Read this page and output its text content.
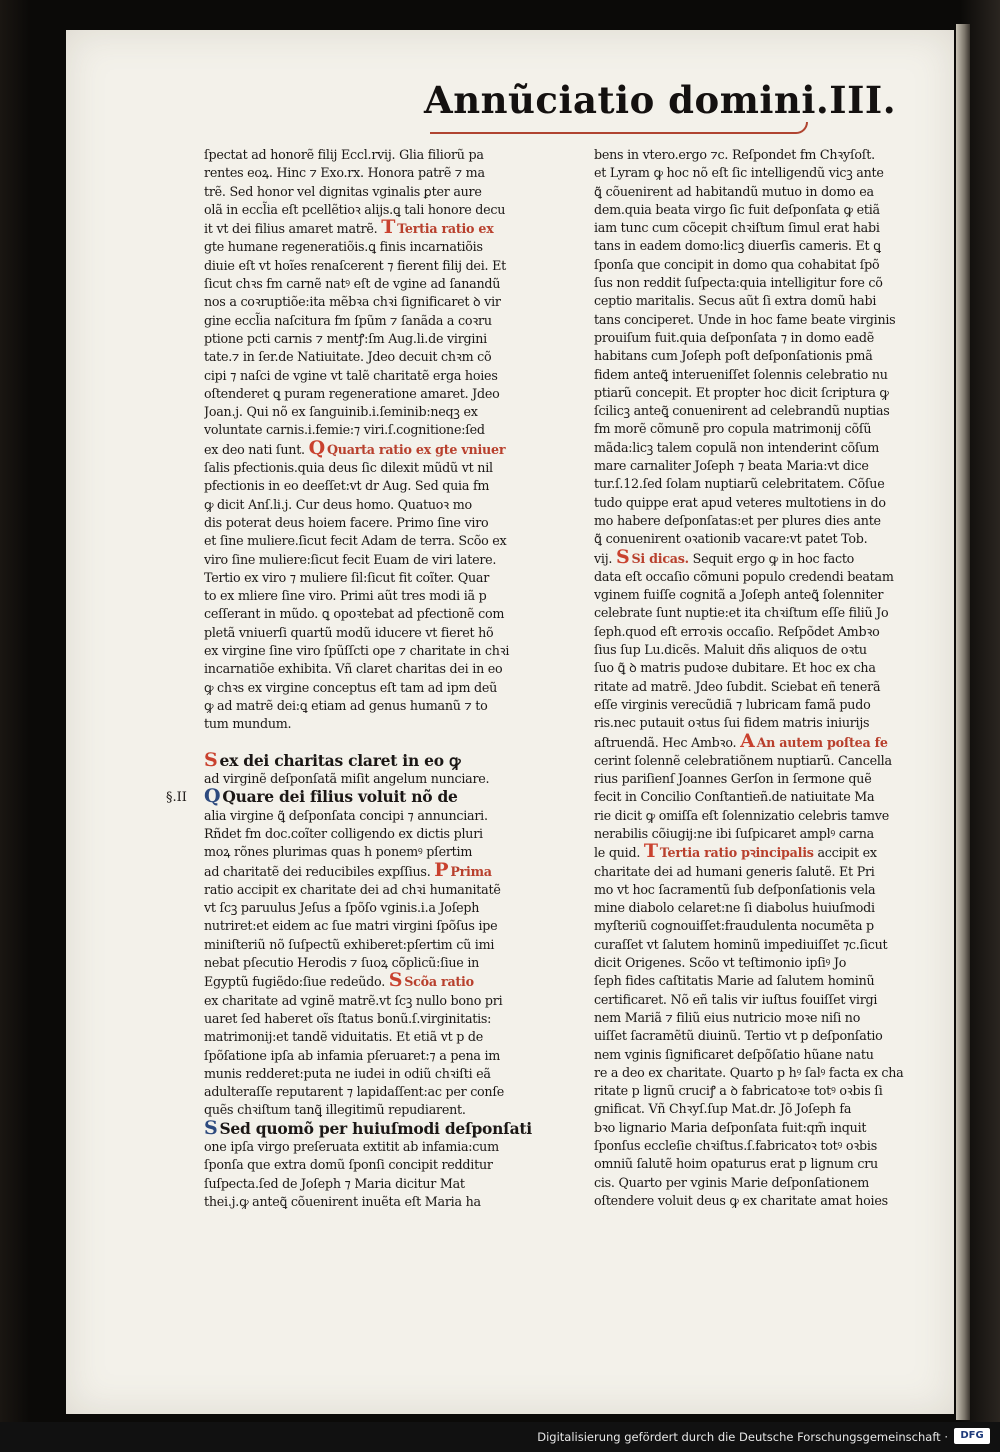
Annũciatio domini.III.
§.II

ſpectat ad honorẽ filij Eccl.rvij. Glia filiorũ pa

rentes eoꝝ. Hinc ⁊ Exo.rx. Honora patrẽ ⁊ ma

trẽ. Sed honor vel dignitas vginalis ꝑter aure

olã in eccl̃ia eſt pcellẽtioꝛ alijs.ꝗ tali honore decu

it vt dei filius amaret matrẽ. T Tertia ratio ex

gte humane regeneratiõis.ꝗ finis incarnatiõis

diuie eſt vt hoĩes renaſcerent ⁊ fierent filij dei. Et

ſicut chꝛs fm carnẽ natꝰ eſt de vgine ad ſanandũ

nos a coꝛruptiõe:ita mẽbꝛa chꝛi ſignificaret ꝺ vir

gine eccl̃ia naſcitura fm ſpũm ⁊ ſanãda a coꝛru

ptione pcti carnis ⁊ mentꝭ:ſm Aug.li.de virgini

tate.⁊ in ſer.de Natiuitate. Jdeo decuit chꝛm cõ

cipi ⁊ naſci de vgine vt talẽ charitatẽ erga hoies

oſtenderet ꝗ puram regeneratione amaret. Jdeo

Joan.j. Qui nõ ex ſanguinib.i.ſeminib:neqꝫ ex

voluntate carnis.i.femie:⁊ viri.ſ.cognitione:ſed

ex deo nati ſunt. Q Quarta ratio ex gte vniuer

ſalis pfectionis.quia deus ſic dilexit mũdũ vt nil

pfectionis in eo deeſſet:vt dr Aug. Sed quia fm

ꝙ dicit Anſ.li.j. Cur deus homo. Quatuoꝛ mo

dis poterat deus hoiem facere. Primo ſine viro

et ſine muliere.ſicut fecit Adam de terra. Scõo ex

viro ſine muliere:ſicut fecit Euam de viri latere.

Tertio ex viro ⁊ muliere ſil:ſicut fit coĩter. Quar

to ex mliere ſine viro. Primi aũt tres modi iã p

ceſſerant in mũdo. ꝗ opoꝛtebat ad pfectionẽ com

pletã vniuerſi quartũ modũ iducere vt fieret hõ

ex virgine ſine viro ſpũſſcti ope ⁊ charitate in chꝛi

incarnatiõe exhibita. Vñ claret charitas dei in eo

ꝙ chꝛs ex virgine conceptus eſt tam ad ipm deũ

ꝙ ad matrẽ dei:ꝗ etiam ad genus humanũ ⁊ to

tum mundum.

S ex dei charitas claret in eo ꝙ

ad virginẽ deſponſatã miſit angelum nunciare.

Q Quare dei filius voluit nõ de

alia virgine ꝗ̃ deſponſata concipi ⁊ annunciari.

Rñdet fm doc.coĩter colligendo ex dictis pluri

moꝝ rõnes plurimas quas h ponemꝰ pſertim

ad charitatẽ dei reducibiles expſſius. P Prima

ratio accipit ex charitate dei ad chꝛi humanitatẽ

vt ſcꝫ paruulus Jeſus a ſpõſo vginis.i.a Joſeph

nutriret:et eidem ac ſue matri virgini ſpõſus ipe

miniſteriũ nõ ſuſpectũ exhiberet:pſertim cũ imi

nebat pſecutio Herodis ⁊ ſuoꝝ cõplicũ:ſiue in

Egyptũ fugiẽdo:ſiue redeũdo. S Scõa ratio

ex charitate ad vginẽ matrẽ.vt ſcꝫ nullo bono pri

uaret ſed haberet oĩs ſtatus bonũ.ſ.virginitatis:

matrimonij:et tandẽ viduitatis. Et etiã vt p de

ſpõſatione ipſa ab infamia pſeruaret:⁊ a pena im

munis redderet:puta ne iudei in odiũ chꝛiſti eã

adulteraſſe reputarent ⁊ lapidaſſent:ac per conſe

quẽs chꝛiſtum tanꝗ̃ illegitimũ repudiarent.

S Sed quomõ per huiuſmodi deſponſati

one ipſa virgo preſeruata extitit ab infamia:cum

ſponſa que extra domũ ſponſi concipit redditur

ſuſpecta.ſed de Joſeph ⁊ Maria dicitur Mat

thei.j.ꝙ anteꝗ̃ cõuenirent inuẽta eſt Maria ha

bens in vtero.ergo ⁊c. Reſpondet fm Chꝛyſoſt.

et Lyram ꝙ hoc nõ eſt ſic intelligendũ vicꝫ ante

ꝗ̃ cõuenirent ad habitandũ mutuo in domo ea

dem.quia beata virgo ſic fuit deſponſata ꝙ etiã

iam tunc cum cõcepit chꝛiſtum ſimul erat habi

tans in eadem domo:licꝫ diuerſis cameris. Et ꝗ

ſponſa que concipit in domo qua cohabitat ſpõ

ſus non reddit ſuſpecta:quia intelligitur fore cõ

ceptio maritalis. Secus aũt ſi extra domũ habi

tans conciperet. Unde in hoc fame beate virginis

prouiſum fuit.quia deſponſata ⁊ in domo eadẽ

habitans cum Joſeph poſt deſponſationis pmã

fidem anteꝗ̃ interueniſſet ſolennis celebratio nu

ptiarũ concepit. Et propter hoc dicit ſcriptura ꝙ

ſcilicꝫ anteꝗ̃ conuenirent ad celebrandũ nuptias

fm morẽ cõmunẽ pro copula matrimonij cõſũ

mãda:licꝫ talem copulã non intenderint cõſum

mare carnaliter Joſeph ⁊ beata Maria:vt dice

tur.ſ.12.ſed ſolam nuptiarũ celebritatem. Cõſue

tudo quippe erat apud veteres multotiens in do

mo habere deſponſatas:et per plures dies ante

ꝗ̃ conuenirent oꝛationib vacare:vt patet Tob.

vij. S Si dicas. Sequit ergo ꝙ in hoc facto

data eſt occaſio cõmuni populo credendi beatam

vginem fuiſſe cognitã a Joſeph anteꝗ̃ ſolenniter

celebrate ſunt nuptie:et ita chꝛiſtum eſſe filiũ Jo

ſeph.quod eſt erroꝛis occaſio. Reſpõdet Ambꝛo

ſius ſup Lu.dicẽs. Maluit dñs aliquos de oꝛtu

ſuo ꝗ̃ ꝺ matris pudoꝛe dubitare. Et hoc ex cha

ritate ad matrẽ. Jdeo ſubdit. Sciebat eñ tenerã

eſſe virginis verecũdiã ⁊ lubricam famã pudo

ris.nec putauit oꝛtus ſui fidem matris iniurijs

aſtruendã. Hec Ambꝛo. A An autem poſtea fe

cerint ſolennẽ celebratiõnem nuptiarũ. Cancella

rius pariſienſ Joannes Gerſon in ſermone quẽ

fecit in Concilio Conſtantieñ.de natiuitate Ma

rie dicit ꝙ omiſſa eſt ſolennizatio celebris tamve

nerabilis cõiugij:ne ibi ſuſpicaret amplꝰ carna

le quid. T Tertia ratio pꝛincipalis accipit ex

charitate dei ad humani generis ſalutẽ. Et Pri

mo vt hoc ſacramentũ ſub deſponſationis vela

mine diabolo celaret:ne ſi diabolus huiuſmodi

myſteriũ cognouiſſet:fraudulenta nocumẽta p

curaſſet vt ſalutem hominũ impediuiſſet ⁊c.ſicut

dicit Origenes. Scõo vt teſtimonio ipſiꝰ Jo

ſeph fides caſtitatis Marie ad ſalutem hominũ

certificaret. Nõ eñ talis vir iuſtus fouiſſet virgi

nem Mariã ⁊ filiũ eius nutricio moꝛe niſi no

uiſſet ſacramẽtũ diuinũ. Tertio vt p deſponſatio

nem vginis ſignificaret deſpõſatio hũane natu

re a deo ex charitate. Quarto p hꝰ ſalꝰ facta ex cha

ritate p lignũ cruciꝭ a ꝺ fabricatoꝛe totꝰ oꝛbis ſi

gnificat. Vñ Chꝛyſ.ſup Mat.dr. Jõ Joſeph fa

bꝛo lignario Maria deſponſata fuit:qm̃ inquit

ſponſus eccleſie chꝛiſtus.ſ.fabricatoꝛ totꝰ oꝛbis

omniũ ſalutẽ hoim opaturus erat p lignum cru

cis. Quarto per vginis Marie deſponſationem

oſtendere voluit deus ꝙ ex charitate amat hoies

Digitalisierung gefördert durch die Deutsche Forschungsgemeinschaft ·	DFG
